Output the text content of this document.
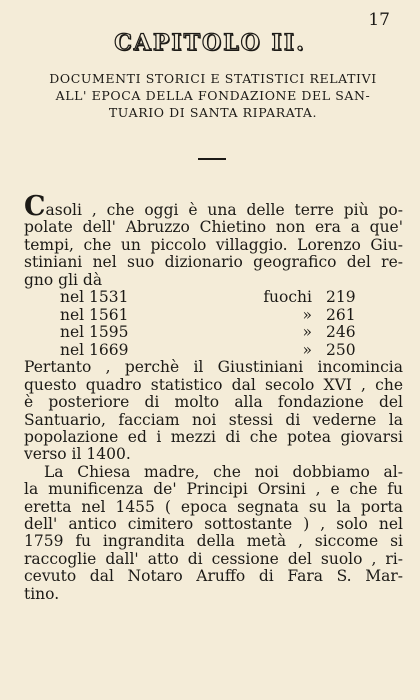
17
CAPITOLO II.
DOCUMENTI STORICI E STATISTICI RELATIVI
ALL' EPOCA DELLA FONDAZIONE DEL SAN-
TUARIO DI SANTA RIPARATA.
Casoli , che oggi è una delle terre più po-
polate dell' Abruzzo Chietino non era a que'
tempi, che un piccolo villaggio. Lorenzo Giu-
stiniani nel suo dizionario geografico del re-
gno gli dà
nel 1531	fuochi 219
nel 1561	» 261
nel 1595	» 246
nel 1669	» 250
Pertanto , perchè il Giustiniani incomincia
questo quadro statistico dal secolo XVI , che
è posteriore di molto alla fondazione del
Santuario, facciam noi stessi di vederne la
popolazione ed i mezzi di che potea giovarsi
verso il 1400.
La Chiesa madre, che noi dobbiamo al-
la munificenza de' Principi Orsini , e che fu
eretta nel 1455 ( epoca segnata su la porta
dell' antico cimitero sottostante ) , solo nel
1759 fu ingrandita della metà , siccome si
raccoglie dall' atto di cessione del suolo , ri-
cevuto dal Notaro Aruffo di Fara S. Mar-
tino.
